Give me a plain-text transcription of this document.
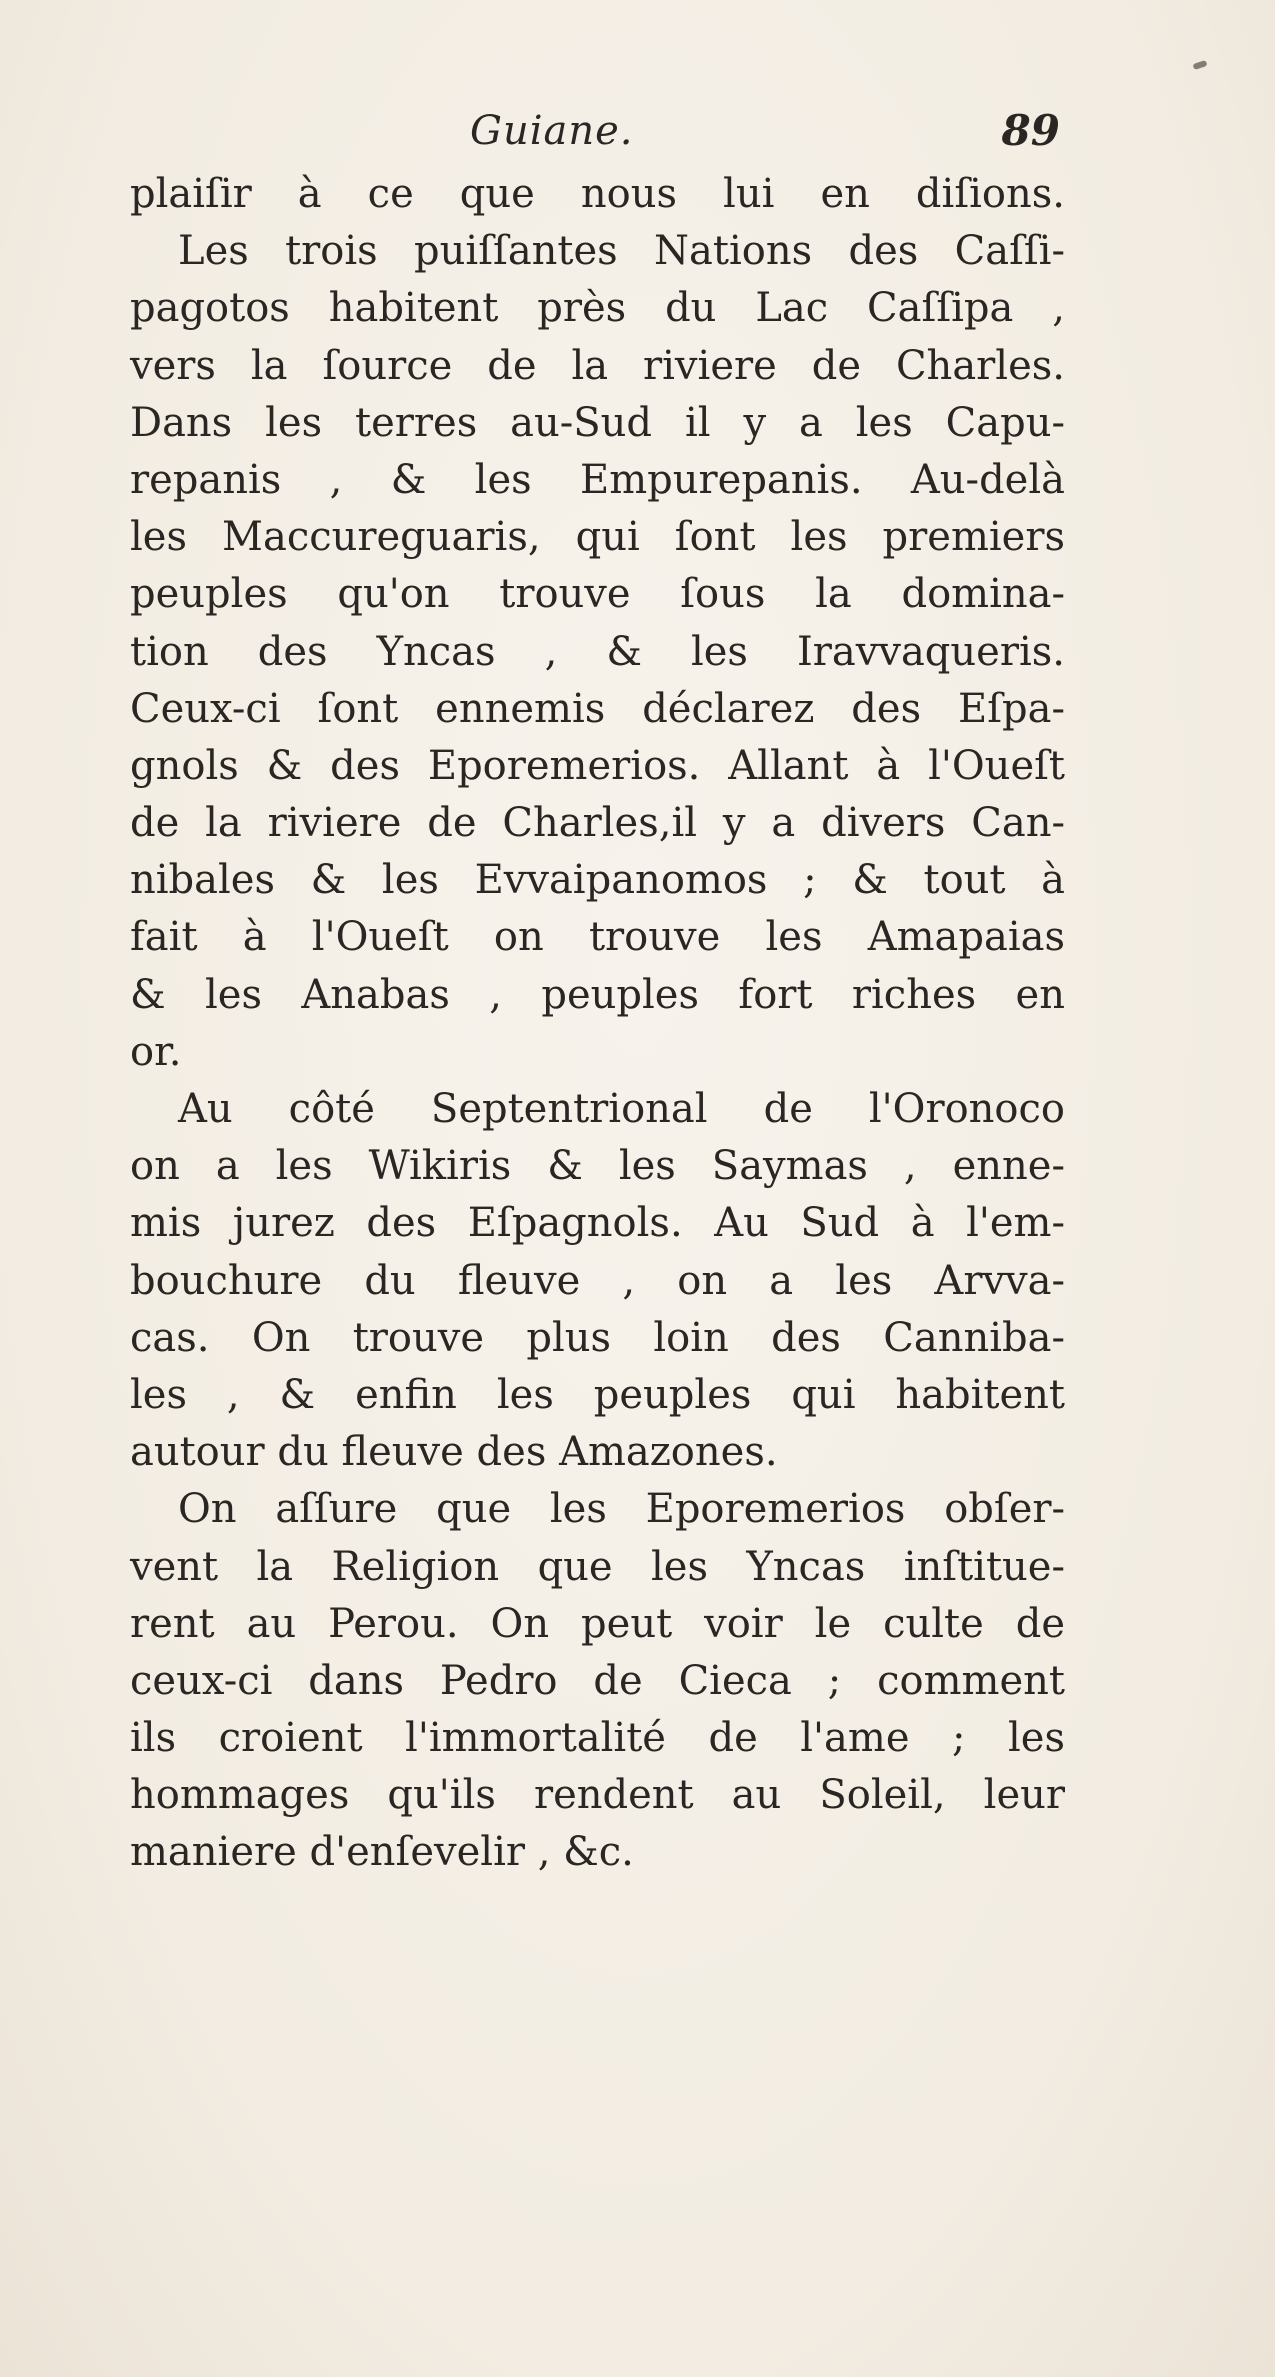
Guiane.	89
plaiſir à ce que nous lui en diſions.
Les trois puiſſantes Nations des Caſſi-
pagotos habitent près du Lac Caſſipa ,
vers la ſource de la riviere de Charles.
Dans les terres au-Sud il y a les Capu-
repanis , & les Empurepanis. Au-delà
les Maccureguaris, qui ſont les premiers
peuples qu'on trouve ſous la domina-
tion des Yncas , & les Iravvaqueris.
Ceux-ci ſont ennemis déclarez des Eſpa-
gnols & des Eporemerios. Allant à l'Oueſt
de la riviere de Charles,il y a divers Can-
nibales & les Evvaipanomos ; & tout à
fait à l'Oueſt on trouve les Amapaias
& les Anabas , peuples fort riches en
or.
Au côté Septentrional de l'Oronoco
on a les Wikiris & les Saymas , enne-
mis jurez des Eſpagnols. Au Sud à l'em-
bouchure du fleuve , on a les Arvva-
cas. On trouve plus loin des Canniba-
les , & enfin les peuples qui habitent
autour du fleuve des Amazones.
On aſſure que les Eporemerios obſer-
vent la Religion que les Yncas inſtitue-
rent au Perou. On peut voir le culte de
ceux-ci dans Pedro de Cieca ; comment
ils croient l'immortalité de l'ame ; les
hommages qu'ils rendent au Soleil, leur
maniere d'enſevelir , &c.
